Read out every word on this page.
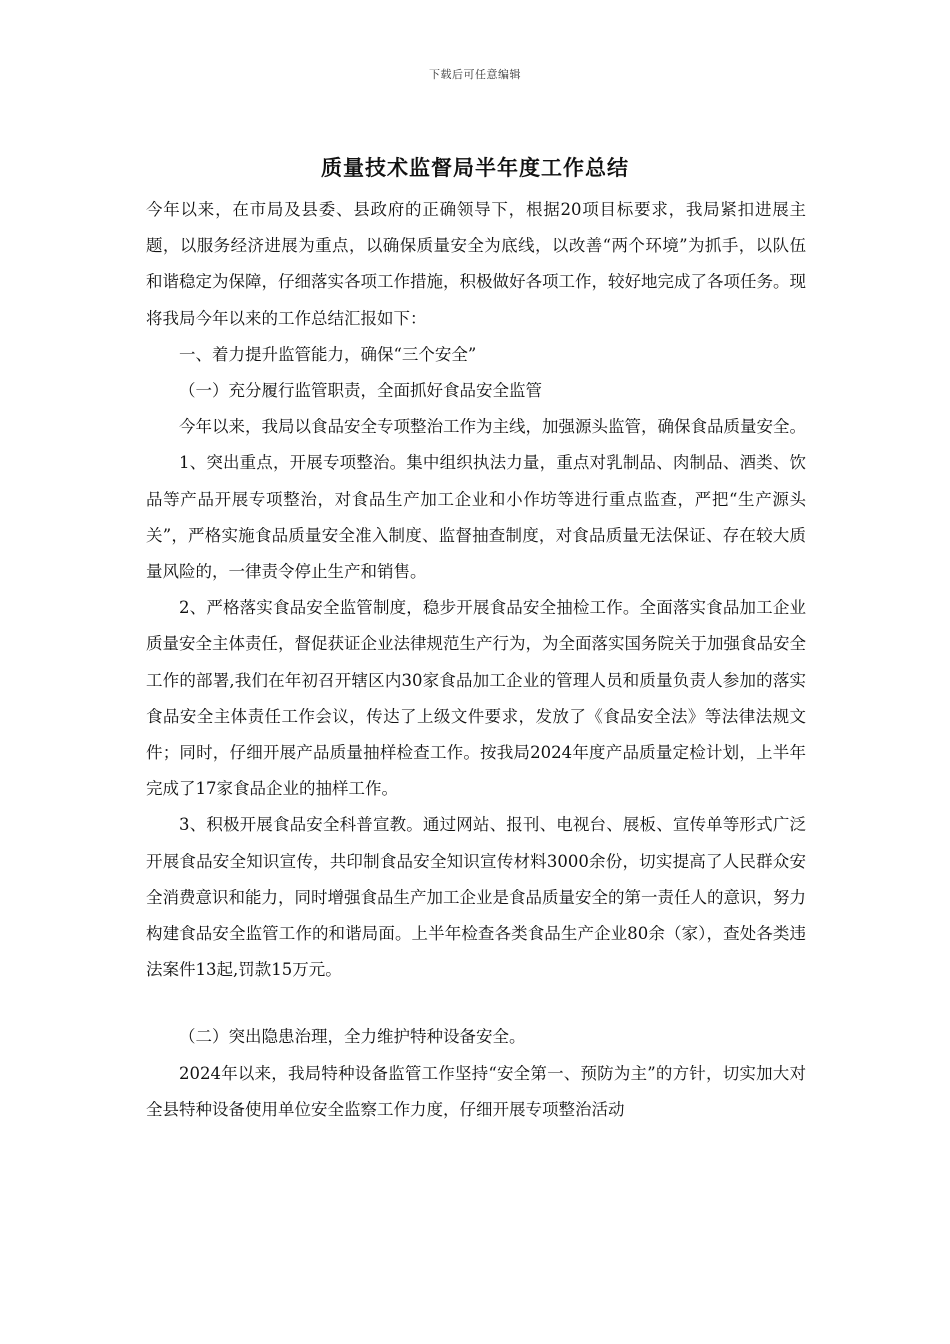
下载后可任意编辑
质量技术监督局半年度工作总结

今年以来，在市局及县委、县政府的正确领导下，根据20项目标要求，我局紧扣进展主题，以服务经济进展为重点，以确保质量安全为底线，以改善“两个环境”为抓手，以队伍和谐稳定为保障，仔细落实各项工作措施，积极做好各项工作，较好地完成了各项任务。现将我局今年以来的工作总结汇报如下：

一、着力提升监管能力，确保“三个安全”

（一）充分履行监管职责，全面抓好食品安全监管

今年以来，我局以食品安全专项整治工作为主线，加强源头监管，确保食品质量安全。

1、突出重点，开展专项整治。集中组织执法力量，重点对乳制品、肉制品、酒类、饮品等产品开展专项整治，对食品生产加工企业和小作坊等进行重点监查，严把“生产源头关”，严格实施食品质量安全准入制度、监督抽查制度，对食品质量无法保证、存在较大质量风险的，一律责令停止生产和销售。

2、严格落实食品安全监管制度，稳步开展食品安全抽检工作。全面落实食品加工企业质量安全主体责任，督促获证企业法律规范生产行为，为全面落实国务院关于加强食品安全工作的部署,我们在年初召开辖区内30家食品加工企业的管理人员和质量负责人参加的落实食品安全主体责任工作会议，传达了上级文件要求，发放了《食品安全法》等法律法规文件；同时，仔细开展产品质量抽样检查工作。按我局2024年度产品质量定检计划，上半年完成了17家食品企业的抽样工作。

3、积极开展食品安全科普宣教。通过网站、报刊、电视台、展板、宣传单等形式广泛开展食品安全知识宣传，共印制食品安全知识宣传材料3000余份，切实提高了人民群众安全消费意识和能力，同时增强食品生产加工企业是食品质量安全的第一责任人的意识，努力构建食品安全监管工作的和谐局面。上半年检查各类食品生产企业80余（家），查处各类违法案件13起,罚款15万元。

（二）突出隐患治理，全力维护特种设备安全。

2024年以来，我局特种设备监管工作坚持“安全第一、预防为主”的方针，切实加大对全县特种设备使用单位安全监察工作力度，仔细开展专项整治活动
